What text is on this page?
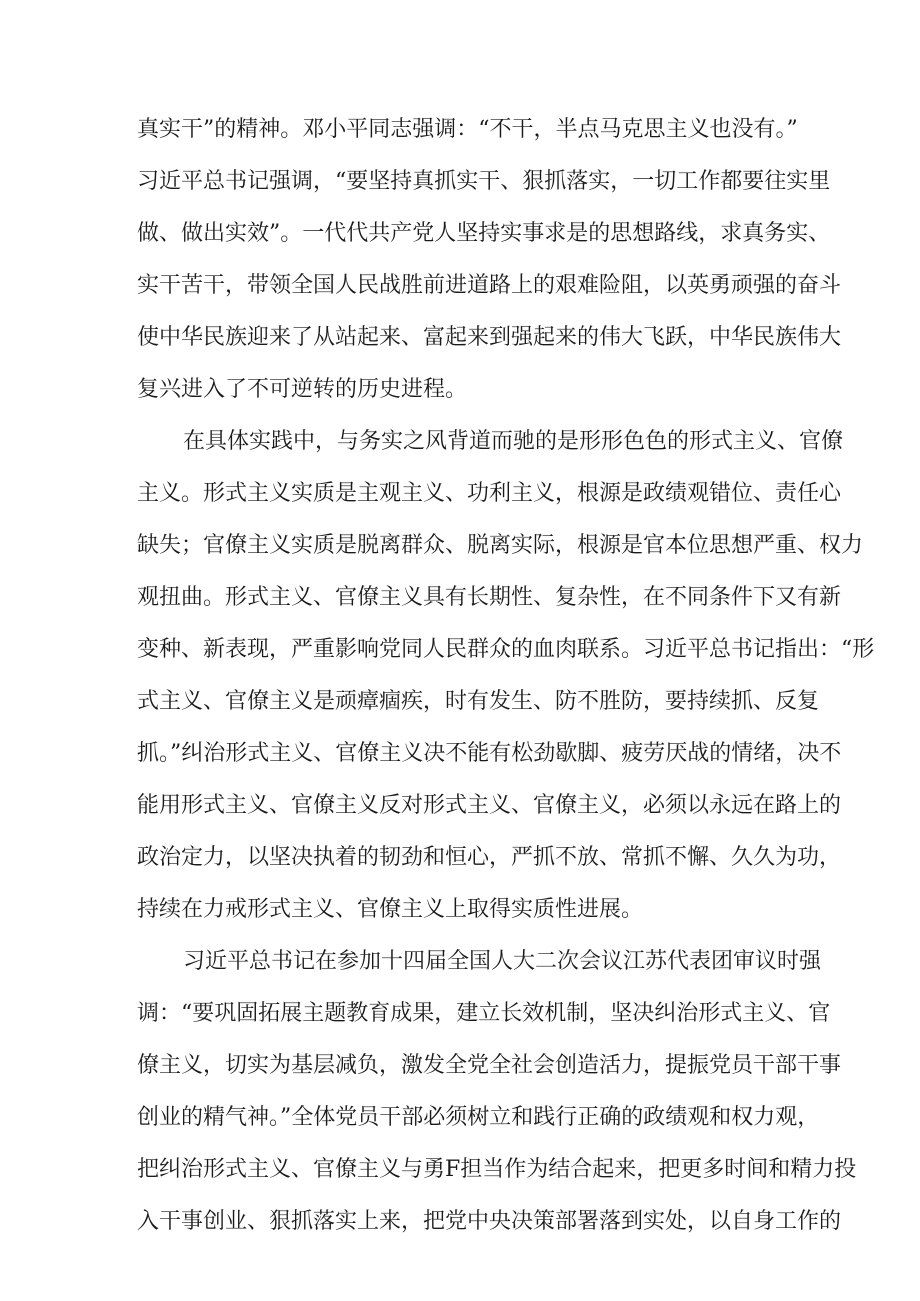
真实干”的精神。邓小平同志强调：“不干，半点马克思主义也没有。”
习近平总书记强调，“要坚持真抓实干、狠抓落实，一切工作都要往实里
做、做出实效”。一代代共产党人坚持实事求是的思想路线，求真务实、
实干苦干，带领全国人民战胜前进道路上的艰难险阻，以英勇顽强的奋斗
使中华民族迎来了从站起来、富起来到强起来的伟大飞跃，中华民族伟大
复兴进入了不可逆转的历史进程。
在具体实践中，与务实之风背道而驰的是形形色色的形式主义、官僚
主义。形式主义实质是主观主义、功利主义，根源是政绩观错位、责任心
缺失；官僚主义实质是脱离群众、脱离实际，根源是官本位思想严重、权力
观扭曲。形式主义、官僚主义具有长期性、复杂性，在不同条件下又有新
变种、新表现，严重影响党同人民群众的血肉联系。习近平总书记指出：“形
式主义、官僚主义是顽瘴痼疾，时有发生、防不胜防，要持续抓、反复
抓。”纠治形式主义、官僚主义决不能有松劲歇脚、疲劳厌战的情绪，决不
能用形式主义、官僚主义反对形式主义、官僚主义，必须以永远在路上的
政治定力，以坚决执着的韧劲和恒心，严抓不放、常抓不懈、久久为功，
持续在力戒形式主义、官僚主义上取得实质性进展。
习近平总书记在参加十四届全国人大二次会议江苏代表团审议时强
调：“要巩固拓展主题教育成果，建立长效机制，坚决纠治形式主义、官
僚主义，切实为基层减负，激发全党全社会创造活力，提振党员干部干事
创业的精气神。”全体党员干部必须树立和践行正确的政绩观和权力观，
把纠治形式主义、官僚主义与勇F担当作为结合起来，把更多时间和精力投
入干事创业、狠抓落实上来，把党中央决策部署落到实处，以自身工作的
